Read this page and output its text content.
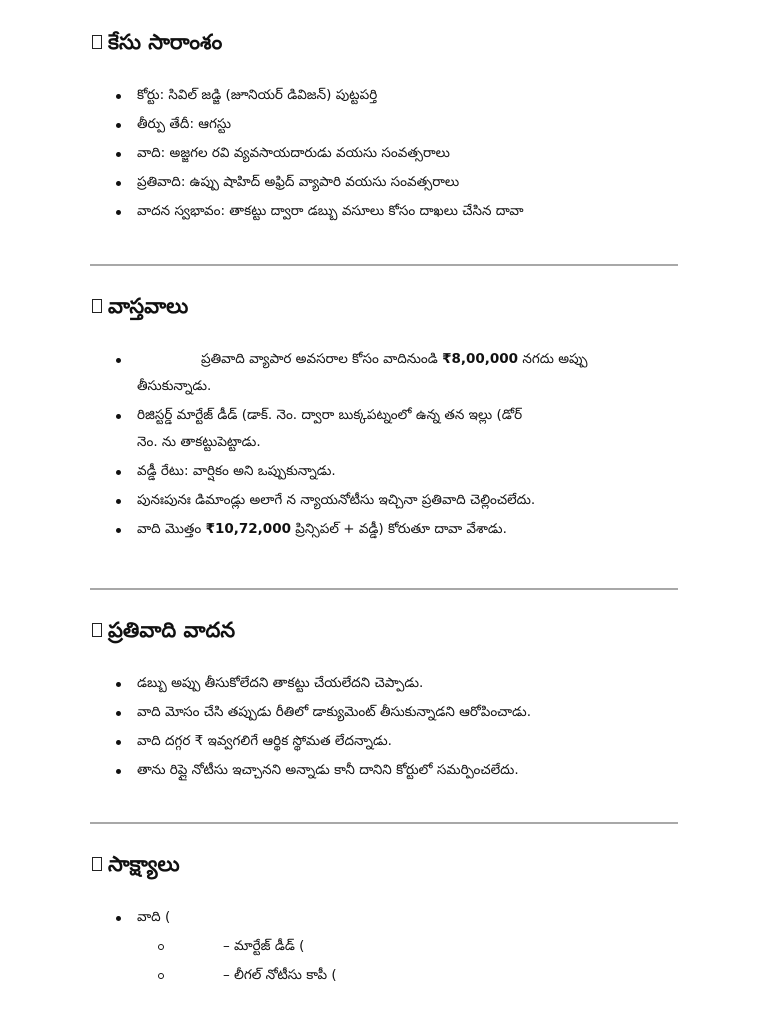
కేసు సారాంశం
కోర్టు: సివిల్ జడ్జి (జూనియర్ డివిజన్) పుట్టపర్తి
తీర్పు తేదీ: ఆగస్టు
వాది: అజ్జగల రవి వ్యవసాయదారుడు వయసు సంవత్సరాలు
ప్రతివాది: ఉప్పు షాహిద్ అఫ్రిద్ వ్యాపారి వయసు సంవత్సరాలు
వాదన స్వభావం: తాకట్టు ద్వారా డబ్బు వసూలు కోసం దాఖలు చేసిన దావా
వాస్తవాలు
ప్రతివాది వ్యాపార అవసరాల కోసం వాదినుండి ₹8,00,000 నగదు అప్పు
తీసుకున్నాడు.
రిజిస్టర్డ్ మార్టేజ్ డీడ్ (డాక్. నెం. ద్వారా బుక్కపట్నంలో ఉన్న తన ఇల్లు (డోర్
నెం. ను తాకట్టుపెట్టాడు.
వడ్డీ రేటు: వార్షికం అని ఒప్పుకున్నాడు.
పునఃపునః డిమాండ్లు అలాగే న న్యాయనోటీసు ఇచ్చినా ప్రతివాది చెల్లించలేదు.
వాది మొత్తం ₹10,72,000 ప్రిన్సిపల్ + వడ్డీ) కోరుతూ దావా వేశాడు.
ప్రతివాది వాదన
డబ్బు అప్పు తీసుకోలేదని తాకట్టు చేయలేదని చెప్పాడు.
వాది మోసం చేసి తప్పుడు రీతిలో డాక్యుమెంట్ తీసుకున్నాడని ఆరోపించాడు.
వాది దగ్గర ₹ ఇవ్వగలిగే ఆర్థిక స్థోమత లేదన్నాడు.
తాను రిప్లై నోటీసు ఇచ్చానని అన్నాడు కానీ దానిని కోర్టులో సమర్పించలేదు.
సాక్ష్యాలు
వాది (
– మార్టేజ్ డీడ్ (
– లీగల్ నోటీసు కాపీ (
